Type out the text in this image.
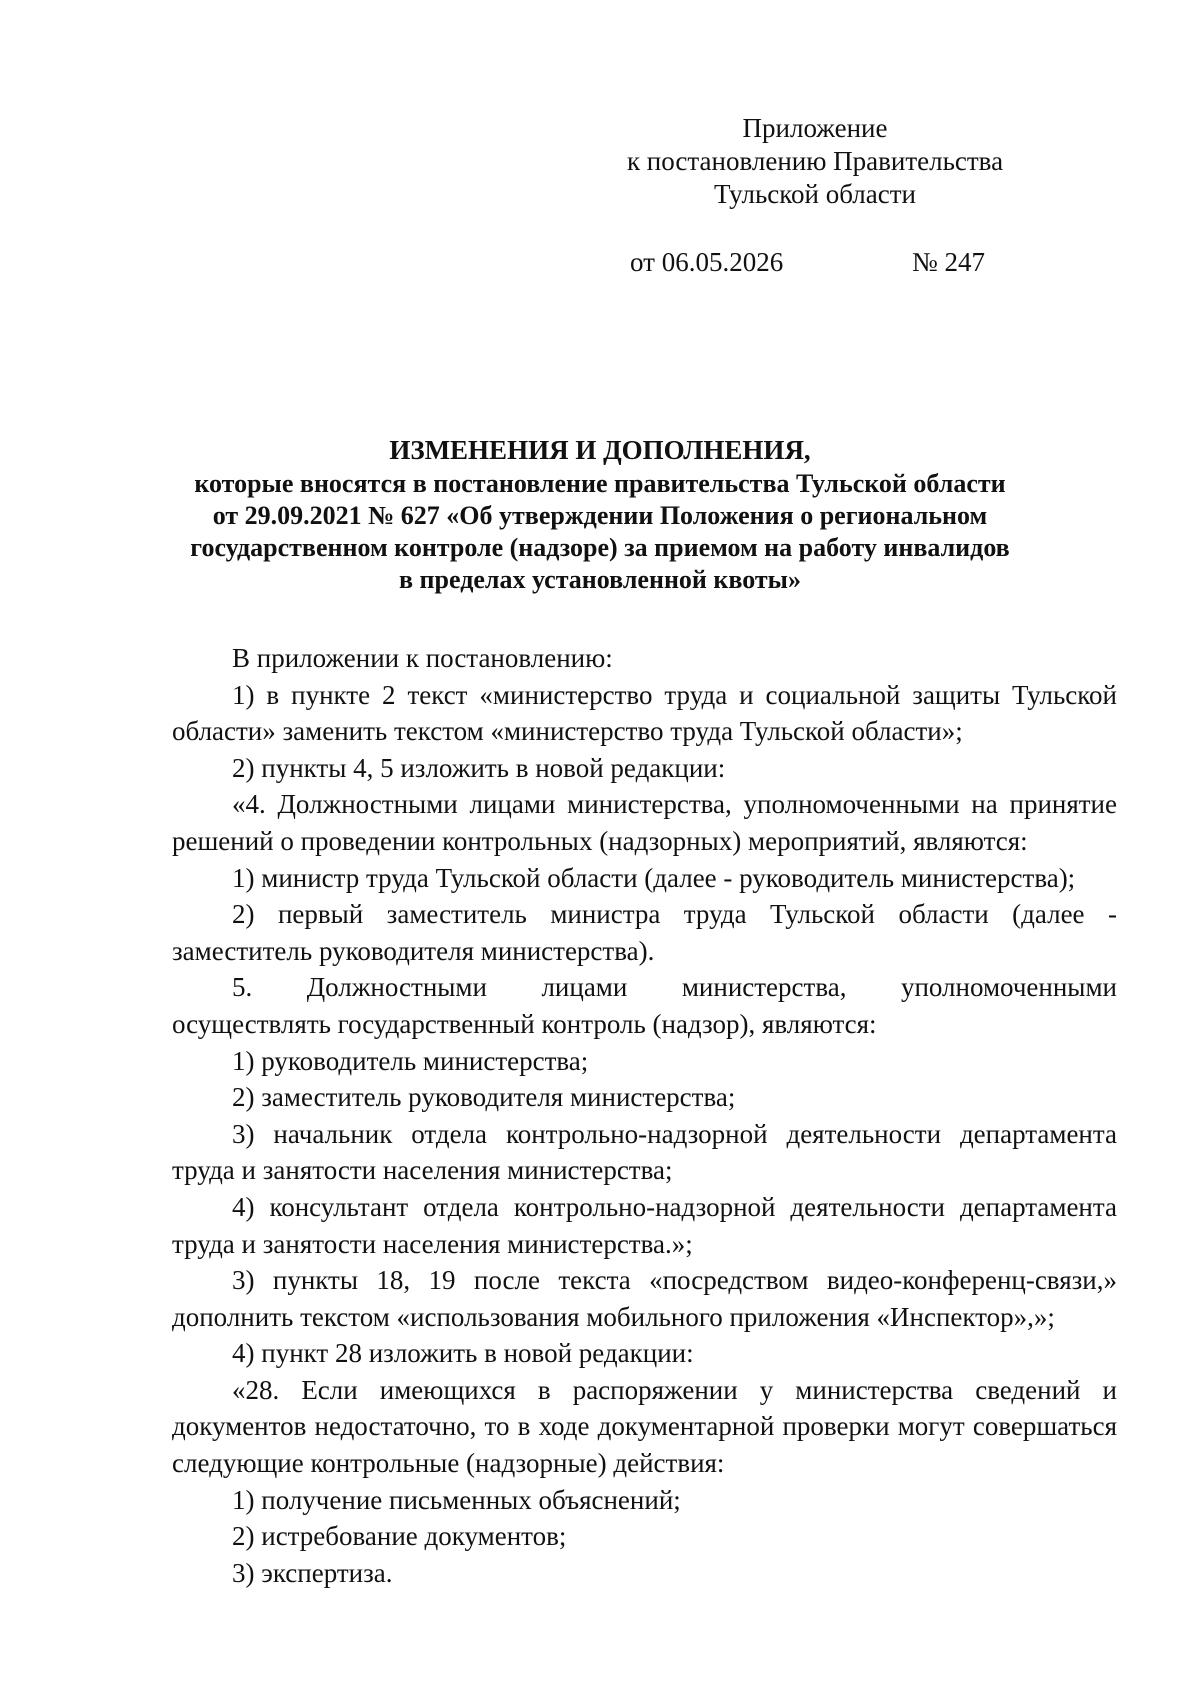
Приложение
к постановлению Правительства
Тульской области
от 06.05.2026	№ 247
ИЗМЕНЕНИЯ И ДОПОЛНЕНИЯ,
которые вносятся в постановление правительства Тульской области
от 29.09.2021 № 627 «Об утверждении Положения о региональном
государственном контроле (надзоре) за приемом на работу инвалидов
в пределах установленной квоты»

В приложении к постановлению:

1) в пункте 2 текст «министерство труда и социальной защиты Тульской области» заменить текстом «министерство труда Тульской области»;

2) пункты 4, 5 изложить в новой редакции:

«4. Должностными лицами министерства, уполномоченными на принятие решений о проведении контрольных (надзорных) мероприятий, являются:

1) министр труда Тульской области (далее - руководитель министерства);

2) первый заместитель министра труда Тульской области (далее - заместитель руководителя министерства).

5. Должностными лицами министерства, уполномоченными

осуществлять государственный контроль (надзор), являются:

1) руководитель министерства;

2) заместитель руководителя министерства;

3) начальник отдела контрольно-надзорной деятельности департамента труда и занятости населения министерства;

4) консультант отдела контрольно-надзорной деятельности департамента труда и занятости населения министерства.»;

3) пункты 18, 19 после текста «посредством видео-конференц-связи,» дополнить текстом «использования мобильного приложения «Инспектор»,»;

4) пункт 28 изложить в новой редакции:

«28. Если имеющихся в распоряжении у министерства сведений и документов недостаточно, то в ходе документарной проверки могут совершаться следующие контрольные (надзорные) действия:

1) получение письменных объяснений;

2) истребование документов;

3) экспертиза.
